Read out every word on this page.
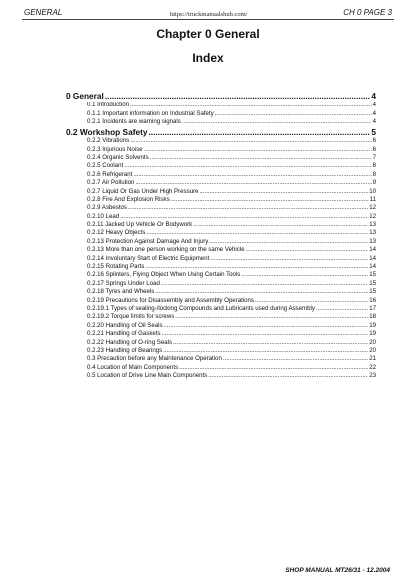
GENERAL	https://truckmanualshub.com/	CH 0 PAGE 3
Chapter 0 General
Index
0 General .....	4
0.1 Introduction .....	4
0.1.1 Important information on Industrial Safety .....	4
0.2.1 Incidents are warning signals .....	4
0.2 Workshop Safety .....	5
0.2.2 Vibrations .....	6
0.2.3 Injurious Noise .....	6
0.2.4 Organic Solvents .....	7
0.2.5 Coolant .....	8
0.2.6 Refrigerant .....	8
0.2.7 Air Pollution .....	9
0.2.7 Liquid Or Gas Under High Pressure .....	10
0.2.8 Fire And Explosion Risks .....	11
0.2.9 Asbestos .....	12
0.2.10 Lead .....	12
0.2.11 Jacked Up Vehicle Or Bodywork .....	13
0.2.12 Heavy Objects .....	13
0.2.13 Protection Against Damage And Injury .....	13
0.2.13 More than one person working on the same Vehicle .....	14
0.2.14 Involuntary Start of Electric Equipment .....	14
0.2.15 Rotating Parts .....	14
0.2.16 Splinters, Flying Object When Using Certain Tools .....	15
0.2.17 Springs Under Load .....	15
0.2.18 Tyres and Wheels .....	15
0.2.19 Precautions for Disassembly and Assembly Operations .....	16
0.2.19.1 Types of sealing-/locking Compounds and Lubricants used during Assembly .....	17
0.2.19.2 Torque limits for screws .....	18
0.2.20 Handling of Oil Seals .....	19
0.2.21 Handling of Gaskets .....	19
0.2.22 Handling of O-ring Seals .....	20
0.2.23 Handling of Bearings .....	20
0.3 Precaution before any Maintenance Operation .....	21
0.4 Location of Main Components .....	22
0.5 Location of Drive Line Main Components .....	23
SHOP MANUAL MT26/31 - 12.2004
